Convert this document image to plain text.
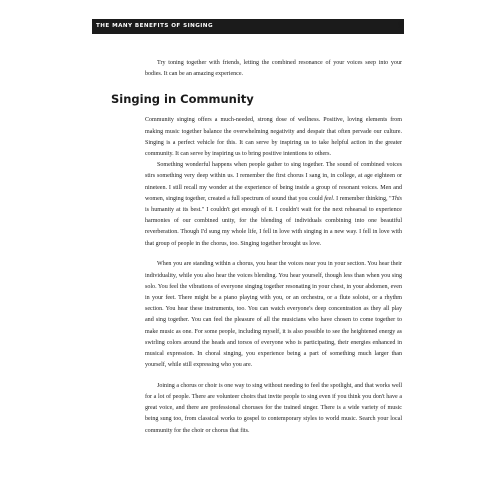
THE MANY BENEFITS OF SINGING	9

Try toning together with friends, letting the combined resonance of your voices seep into your bodies. It can be an amazing experience.

Singing in Community

Community singing offers a much-needed, strong dose of wellness. Positive, loving elements from making music together balance the overwhelming negativity and despair that often pervade our culture. Singing is a perfect vehicle for this. It can serve by inspiring us to take helpful action in the greater community. It can serve by inspiring us to bring positive intentions to others.

Something wonderful happens when people gather to sing together. The sound of combined voices stirs something very deep within us. I remember the first chorus I sang in, in college, at age eighteen or nineteen. I still recall my wonder at the experience of being inside a group of resonant voices. Men and women, singing together, created a full spectrum of sound that you could feel. I remember thinking, "This is humanity at its best." I couldn't get enough of it. I couldn't wait for the next rehearsal to experience harmonies of our combined unity, for the blending of individuals combining into one beautiful reverberation. Though I'd sung my whole life, I fell in love with singing in a new way. I fell in love with that group of people in the chorus, too. Singing together brought us love.

When you are standing within a chorus, you hear the voices near you in your section. You hear their individuality, while you also hear the voices blending. You hear yourself, though less than when you sing solo. You feel the vibrations of everyone singing together resonating in your chest, in your abdomen, even in your feet. There might be a piano playing with you, or an orchestra, or a flute soloist, or a rhythm section. You hear these instruments, too. You can watch everyone's deep concentration as they all play and sing together. You can feel the pleasure of all the musicians who have chosen to come together to make music as one. For some people, including myself, it is also possible to see the heightened energy as swirling colors around the heads and torsos of everyone who is participating, their energies enhanced in musical expression. In choral singing, you experience being a part of something much larger than yourself, while still expressing who you are.

Joining a chorus or choir is one way to sing without needing to feel the spotlight, and that works well for a lot of people. There are volunteer choirs that invite people to sing even if you think you don't have a great voice, and there are professional choruses for the trained singer. There is a wide variety of music being sung too, from classical works to gospel to contemporary styles to world music. Search your local community for the choir or chorus that fits.
